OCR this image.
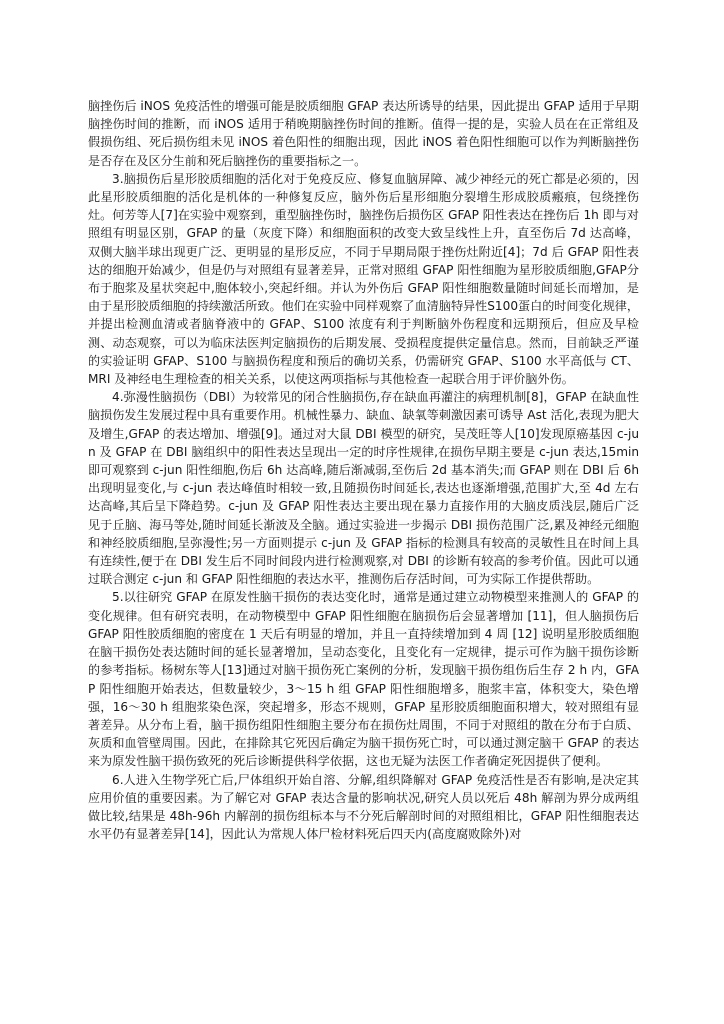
脑挫伤后 iNOS 免疫活性的增强可能是胶质细胞 GFAP 表达所诱导的结果，因此提出 GFAP 适用于早期脑挫伤时间的推断，而 iNOS 适用于稍晚期脑挫伤时间的推断。值得一提的是，实验人员在在正常组及假损伤组、死后损伤组未见 iNOS 着色阳性的细胞出现，因此 iNOS 着色阳性细胞可以作为判断脑挫伤是否存在及区分生前和死后脑挫伤的重要指标之一。

3.脑损伤后星形胶质细胞的活化对于免疫反应、修复血脑屏障、减少神经元的死亡都是必须的，因此星形胶质细胞的活化是机体的一种修复反应，脑外伤后星形细胞分裂增生形成胶质瘢痕，包绕挫伤灶。何芳等人[7]在实验中观察到，重型脑挫伤时，脑挫伤后损伤区 GFAP 阳性表达在挫伤后 1h 即与对照组有明显区别，GFAP 的量（灰度下降）和细胞面积的改变大致呈线性上升，直至伤后 7d 达高峰，双侧大脑半球出现更广泛、更明显的星形反应，不同于早期局限于挫伤灶附近[4]；7d 后 GFAP 阳性表达的细胞开始减少，但是仍与对照组有显著差异，正常对照组 GFAP 阳性细胞为星形胶质细胞,GFAP分布于胞浆及星状突起中,胞体较小,突起纤细。并认为外伤后 GFAP 阳性细胞数量随时间延长而增加，是由于星形胶质细胞的持续激活所致。他们在实验中同样观察了血清脑特异性S100蛋白的时间变化规律，并提出检测血清或者脑脊液中的 GFAP、S100 浓度有利于判断脑外伤程度和远期预后，但应及早检测、动态观察，可以为临床法医判定脑损伤的后期发展、受损程度提供定量信息。然而，目前缺乏严谨的实验证明 GFAP、S100 与脑损伤程度和预后的确切关系，仍需研究 GFAP、S100 水平高低与 CT、MRI 及神经电生理检查的相关关系，以使这两项指标与其他检查一起联合用于评价脑外伤。

4.弥漫性脑损伤（DBI）为较常见的闭合性脑损伤,存在缺血再灌注的病理机制[8]，GFAP 在缺血性脑损伤发生发展过程中具有重要作用。机械性暴力、缺血、缺氧等刺激因素可诱导 Ast 活化,表现为肥大及增生,GFAP 的表达增加、增强[9]。通过对大鼠 DBI 模型的研究，吴茂旺等人[10]发现原癌基因 c-jun 及 GFAP 在 DBI 脑组织中的阳性表达呈现出一定的时序性规律,在损伤早期主要是 c-jun 表达,15min 即可观察到 c-jun 阳性细胞,伤后 6h 达高峰,随后渐减弱,至伤后 2d 基本消失;而 GFAP 则在 DBI 后 6h 出现明显变化,与 c-jun 表达峰值时相较一致,且随损伤时间延长,表达也逐渐增强,范围扩大,至 4d 左右达高峰,其后呈下降趋势。c-jun 及 GFAP 阳性表达主要出现在暴力直接作用的大脑皮质浅层,随后广泛见于丘脑、海马等处,随时间延长渐波及全脑。通过实验进一步揭示 DBI 损伤范围广泛,累及神经元细胞和神经胶质细胞,呈弥漫性;另一方面则提示 c-jun 及 GFAP 指标的检测具有较高的灵敏性且在时间上具有连续性,便于在 DBI 发生后不同时间段内进行检测观察,对 DBI 的诊断有较高的参考价值。因此可以通过联合测定 c-jun 和 GFAP 阳性细胞的表达水平，推测伤后存活时间，可为实际工作提供帮助。

5.以往研究 GFAP 在原发性脑干损伤的表达变化时，通常是通过建立动物模型来推测人的 GFAP 的变化规律。但有研究表明，在动物模型中 GFAP 阳性细胞在脑损伤后会显著增加 [11]，但人脑损伤后 GFAP 阳性胶质细胞的密度在 1 天后有明显的增加，并且一直持续增加到 4 周 [12] 说明星形胶质细胞在脑干损伤处表达随时间的延长显著增加，呈动态变化，且变化有一定规律，提示可作为脑干损伤诊断的参考指标。杨树东等人[13]通过对脑干损伤死亡案例的分析，发现脑干损伤组伤后生存 2 h 内，GFAP 阳性细胞开始表达，但数量较少，3～15 h 组 GFAP 阳性细胞增多，胞浆丰富，体积变大，染色增强，16～30 h 组胞浆染色深，突起增多，形态不规则，GFAP 星形胶质细胞面积增大，较对照组有显著差异。从分布上看，脑干损伤组阳性细胞主要分布在损伤灶周围，不同于对照组的散在分布于白质、灰质和血管壁周围。因此，在排除其它死因后确定为脑干损伤死亡时，可以通过测定脑干 GFAP 的表达来为原发性脑干损伤致死的死后诊断提供科学依据，这也无疑为法医工作者确定死因提供了便利。

6.人进入生物学死亡后,尸体组织开始自溶、分解,组织降解对 GFAP 免疫活性是否有影响,是决定其应用价值的重要因素。为了解它对 GFAP 表达含量的影响状况,研究人员以死后 48h 解剖为界分成两组做比较,结果是 48h-96h 内解剖的损伤组标本与不分死后解剖时间的对照组相比，GFAP 阳性细胞表达水平仍有显著差异[14]，因此认为常规人体尸检材料死后四天内(高度腐败除外)对
